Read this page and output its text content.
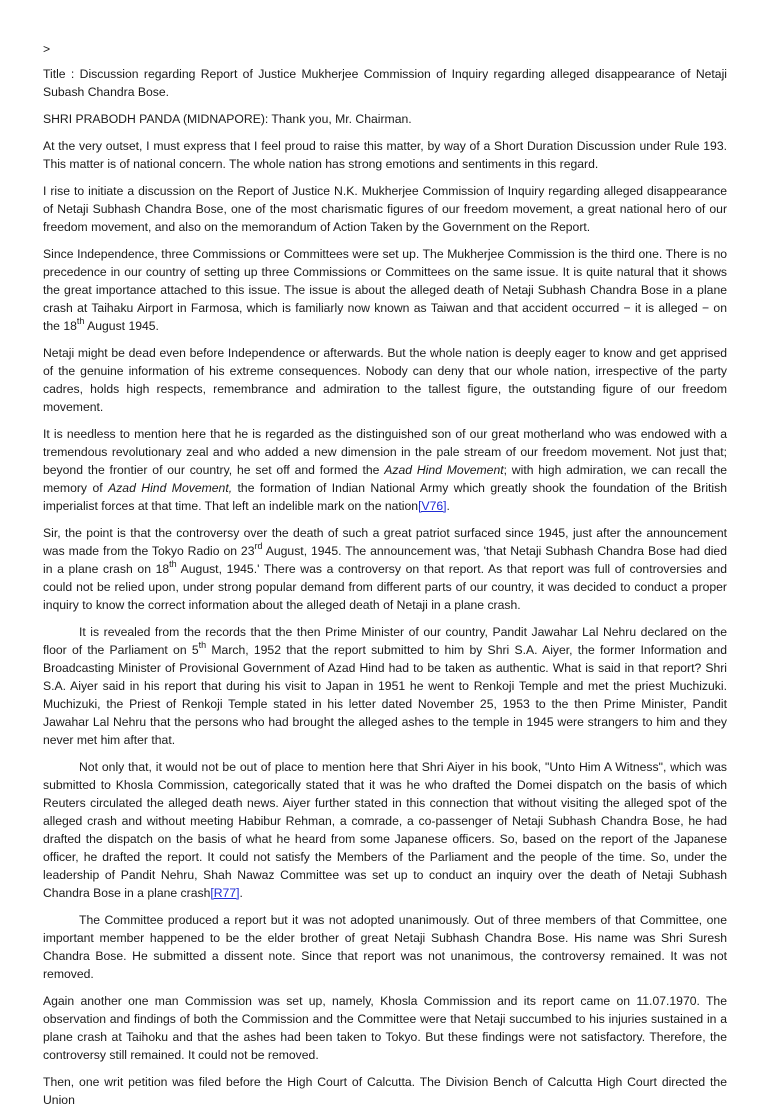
>

Title : Discussion regarding Report of Justice Mukherjee Commission of Inquiry regarding alleged disappearance of Netaji Subash Chandra Bose.

SHRI PRABODH PANDA (MIDNAPORE): Thank you, Mr. Chairman.

At the very outset, I must express that I feel proud to raise this matter, by way of a Short Duration Discussion under Rule 193. This matter is of national concern. The whole nation has strong emotions and sentiments in this regard.

I rise to initiate a discussion on the Report of Justice N.K. Mukherjee Commission of Inquiry regarding alleged disappearance of Netaji Subhash Chandra Bose, one of the most charismatic figures of our freedom movement, a great national hero of our freedom movement, and also on the memorandum of Action Taken by the Government on the Report.

Since Independence, three Commissions or Committees were set up. The Mukherjee Commission is the third one. There is no precedence in our country of setting up three Commissions or Committees on the same issue. It is quite natural that it shows the great importance attached to this issue. The issue is about the alleged death of Netaji Subhash Chandra Bose in a plane crash at Taihaku Airport in Farmosa, which is familiarly now known as Taiwan and that accident occurred − it is alleged − on the 18th August 1945.

Netaji might be dead even before Independence or afterwards. But the whole nation is deeply eager to know and get apprised of the genuine information of his extreme consequences. Nobody can deny that our whole nation, irrespective of the party cadres, holds high respects, remembrance and admiration to the tallest figure, the outstanding figure of our freedom movement.

It is needless to mention here that he is regarded as the distinguished son of our great motherland who was endowed with a tremendous revolutionary zeal and who added a new dimension in the pale stream of our freedom movement. Not just that; beyond the frontier of our country, he set off and formed the Azad Hind Movement; with high admiration, we can recall the memory of Azad Hind Movement, the formation of Indian National Army which greatly shook the foundation of the British imperialist forces at that time. That left an indelible mark on the nation[V76].

Sir, the point is that the controversy over the death of such a great patriot surfaced since 1945, just after the announcement was made from the Tokyo Radio on 23rd August, 1945. The announcement was, 'that Netaji Subhash Chandra Bose had died in a plane crash on 18th August, 1945.' There was a controversy on that report. As that report was full of controversies and could not be relied upon, under strong popular demand from different parts of our country, it was decided to conduct a proper inquiry to know the correct information about the alleged death of Netaji in a plane crash.

It is revealed from the records that the then Prime Minister of our country, Pandit Jawahar Lal Nehru declared on the floor of the Parliament on 5th March, 1952 that the report submitted to him by Shri S.A. Aiyer, the former Information and Broadcasting Minister of Provisional Government of Azad Hind had to be taken as authentic. What is said in that report? Shri S.A. Aiyer said in his report that during his visit to Japan in 1951 he went to Renkoji Temple and met the priest Muchizuki. Muchizuki, the Priest of Renkoji Temple stated in his letter dated November 25, 1953 to the then Prime Minister, Pandit Jawahar Lal Nehru that the persons who had brought the alleged ashes to the temple in 1945 were strangers to him and they never met him after that.

Not only that, it would not be out of place to mention here that Shri Aiyer in his book, "Unto Him A Witness", which was submitted to Khosla Commission, categorically stated that it was he who drafted the Domei dispatch on the basis of which Reuters circulated the alleged death news. Aiyer further stated in this connection that without visiting the alleged spot of the alleged crash and without meeting Habibur Rehman, a comrade, a co-passenger of Netaji Subhash Chandra Bose, he had drafted the dispatch on the basis of what he heard from some Japanese officers. So, based on the report of the Japanese officer, he drafted the report. It could not satisfy the Members of the Parliament and the people of the time. So, under the leadership of Pandit Nehru, Shah Nawaz Committee was set up to conduct an inquiry over the death of Netaji Subhash Chandra Bose in a plane crash[R77].

The Committee produced a report but it was not adopted unanimously. Out of three members of that Committee, one important member happened to be the elder brother of great Netaji Subhash Chandra Bose. His name was Shri Suresh Chandra Bose. He submitted a dissent note. Since that report was not unanimous, the controversy remained. It was not removed.

Again another one man Commission was set up, namely, Khosla Commission and its report came on 11.07.1970. The observation and findings of both the Commission and the Committee were that Netaji succumbed to his injuries sustained in a plane crash at Taihoku and that the ashes had been taken to Tokyo. But these findings were not satisfactory. Therefore, the controversy still remained. It could not be removed.

Then, one writ petition was filed before the High Court of Calcutta. The Division Bench of Calcutta High Court directed the Union
